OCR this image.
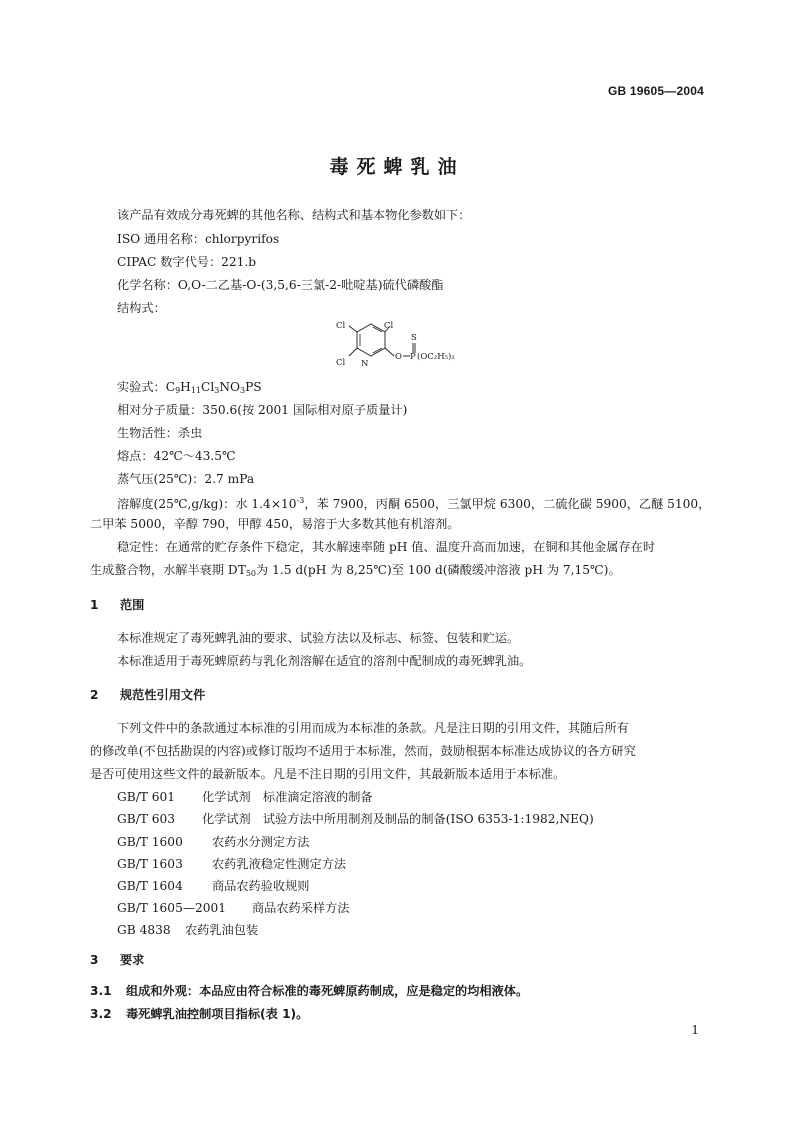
GB 19605—2004
毒死蜱乳油
该产品有效成分毒死蜱的其他名称、结构式和基本物化参数如下：
ISO 通用名称：chlorpyrifos
CIPAC 数字代号：221.b
化学名称：O,O-二乙基-O-(3,5,6-三氯-2-吡啶基)硫代磷酸酯
结构式：
Cl	Cl
Cl N
O
S
P (OC₂H₅)₂
实验式：$C_9H_{11}Cl_3NO_3PS$
相对分子质量：350.6(按 2001 国际相对原子质量计)
生物活性：杀虫
熔点：42℃～43.5℃
蒸气压(25℃)：2.7 mPa
溶解度(25℃,g/kg)：水 $1.4\times 10^{-3}$，苯 7900，丙酮 6500，三氯甲烷 6300，二硫化碳 5900，乙醚 5100，
二甲苯 5000，辛醇 790，甲醇 450，易溶于大多数其他有机溶剂。
稳定性：在通常的贮存条件下稳定，其水解速率随 pH 值、温度升高而加速，在铜和其他金属存在时
生成螯合物，水解半衰期 $DT_{50}$为 1.5 d(pH 为 8,25℃)至 100 d(磷酸缓冲溶液 pH 为 7,15℃)。
1 范围
本标准规定了毒死蜱乳油的要求、试验方法以及标志、标签、包装和贮运。
本标准适用于毒死蜱原药与乳化剂溶解在适宜的溶剂中配制成的毒死蜱乳油。
2 规范性引用文件
下列文件中的条款通过本标准的引用而成为本标准的条款。凡是注日期的引用文件，其随后所有
的修改单(不包括勘误的内容)或修订版均不适用于本标准，然而，鼓励根据本标准达成协议的各方研究
是否可使用这些文件的最新版本。凡是不注日期的引用文件，其最新版本适用于本标准。
GB/T 601 化学试剂　标准滴定溶液的制备
GB/T 603 化学试剂　试验方法中所用制剂及制品的制备(ISO 6353-1:1982,NEQ)
GB/T 1600 农药水分测定方法
GB/T 1603 农药乳液稳定性测定方法
GB/T 1604 商品农药验收规则
GB/T 1605—2001 商品农药采样方法
GB 4838 农药乳油包装
3 要求
3.1 组成和外观：本品应由符合标准的毒死蜱原药制成，应是稳定的均相液体。
3.2 毒死蜱乳油控制项目指标(表 1)。
1
